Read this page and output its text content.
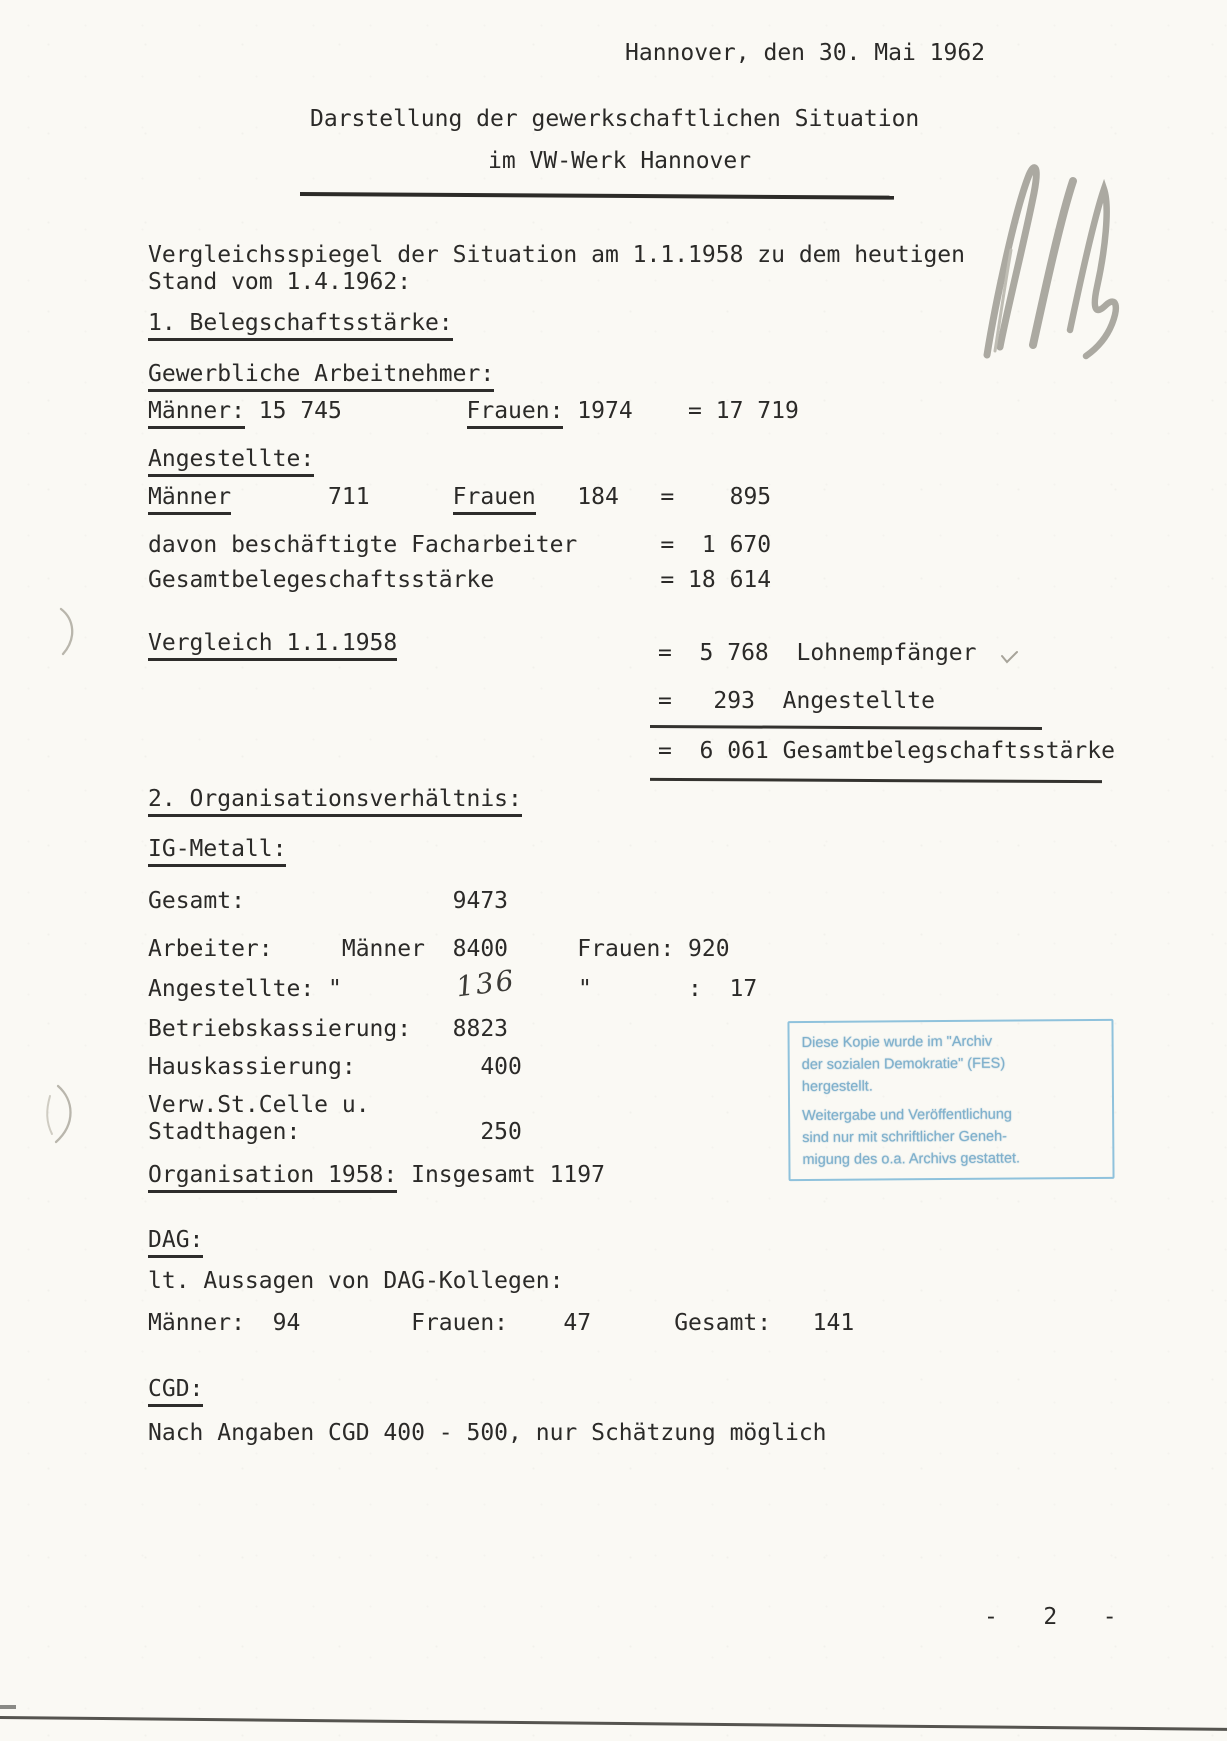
Hannover, den 30. Mai 1962
Darstellung der gewerkschaftlichen Situation
im VW-Werk Hannover
Vergleichsspiegel der Situation am 1.1.1958 zu dem heutigen
Stand vom 1.4.1962:
1. Belegschaftsstärke:
Gewerbliche Arbeitnehmer:
Männer: 15 745         Frauen: 1974    = 17 719
Angestellte:
Männer       711      Frauen   184   =    895
davon beschäftigte Facharbeiter      =  1 670
Gesamtbelegeschaftsstärke            = 18 614
Vergleich 1.1.1958	=  5 768  Lohnempfänger
=   293  Angestellte
=  6 061 Gesamtbelegschaftsstärke
2. Organisationsverhältnis:
IG-Metall:
Gesamt:               9473
Arbeiter:     Männer  8400     Frauen: 920
Angestellte: "	136	"	:  17
Betriebskassierung:   8823
Hauskassierung:         400
Verw.St.Celle u.
Stadthagen:             250
Organisation 1958: Insgesamt 1197
DAG:
lt. Aussagen von DAG-Kollegen:
Männer:  94        Frauen:    47      Gesamt:   141
CGD:
Nach Angaben CGD 400 - 500, nur Schätzung möglich
-   2   -
Diese Kopie wurde im "Archiv
der sozialen Demokratie" (FES)
hergestellt.
Weitergabe und Veröffentlichung
sind nur mit schriftlicher Geneh-
migung des o.a. Archivs gestattet.
